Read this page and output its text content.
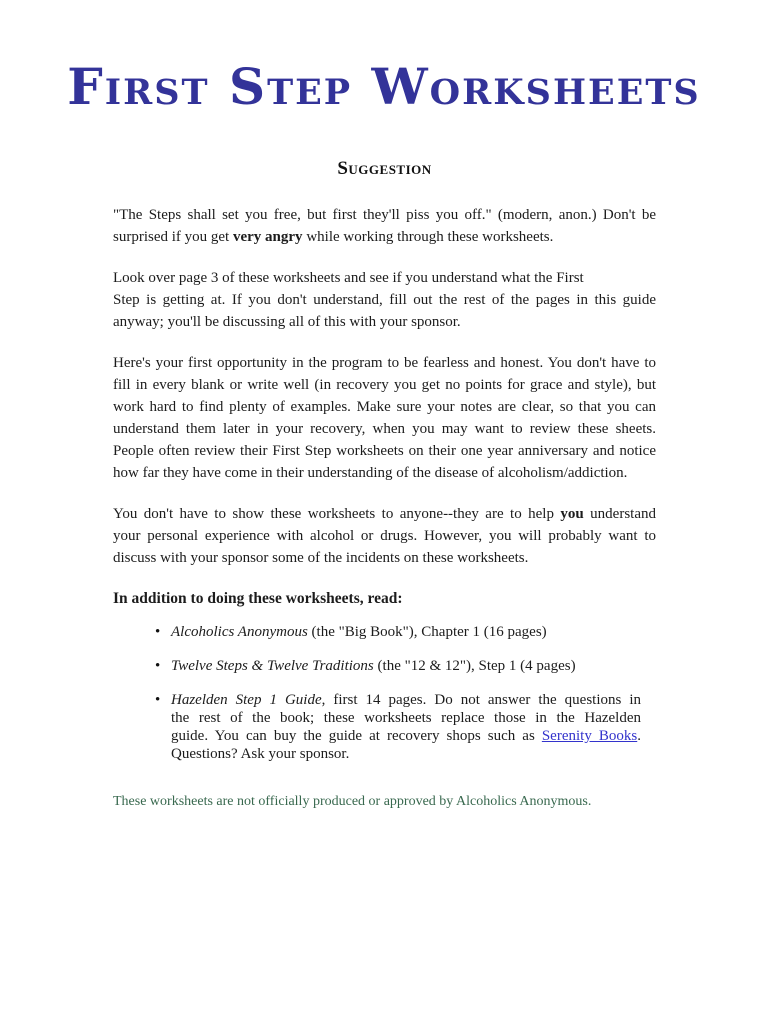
First Step Worksheets
Suggestion
"The Steps shall set you free, but first they'll piss you off." (modern, anon.) Don't be
surprised if you get very angry while working through these worksheets.
Look over page 3 of these worksheets and see if you understand what the First
Step is getting at. If you don't understand, fill out the rest of the pages in this guide
anyway; you'll be discussing all of this with your sponsor.
Here's your first opportunity in the program to be fearless and honest. You don't have to
fill in every blank or write well (in recovery you get no points for grace and style), but
work hard to find plenty of examples. Make sure your notes are clear, so that you can
understand them later in your recovery, when you may want to review these sheets.
People often review their First Step worksheets on their one year anniversary and notice
how far they have come in their understanding of the disease of alcoholism/addiction.
You don't have to show these worksheets to anyone--they are to help you understand
your personal experience with alcohol or drugs. However, you will probably want to
discuss with your sponsor some of the incidents on these worksheets.

In addition to doing these worksheets, read:

• Alcoholics Anonymous (the "Big Book"), Chapter 1 (16 pages)
• Twelve Steps & Twelve Traditions (the "12 & 12"), Step 1 (4 pages)
• Hazelden Step 1 Guide, first 14 pages. Do not answer the questions in
the rest of the book; these worksheets replace those in the Hazelden
guide. You can buy the guide at recovery shops such as Serenity Books.
Questions? Ask your sponsor.

These worksheets are not officially produced or approved by Alcoholics Anonymous.
